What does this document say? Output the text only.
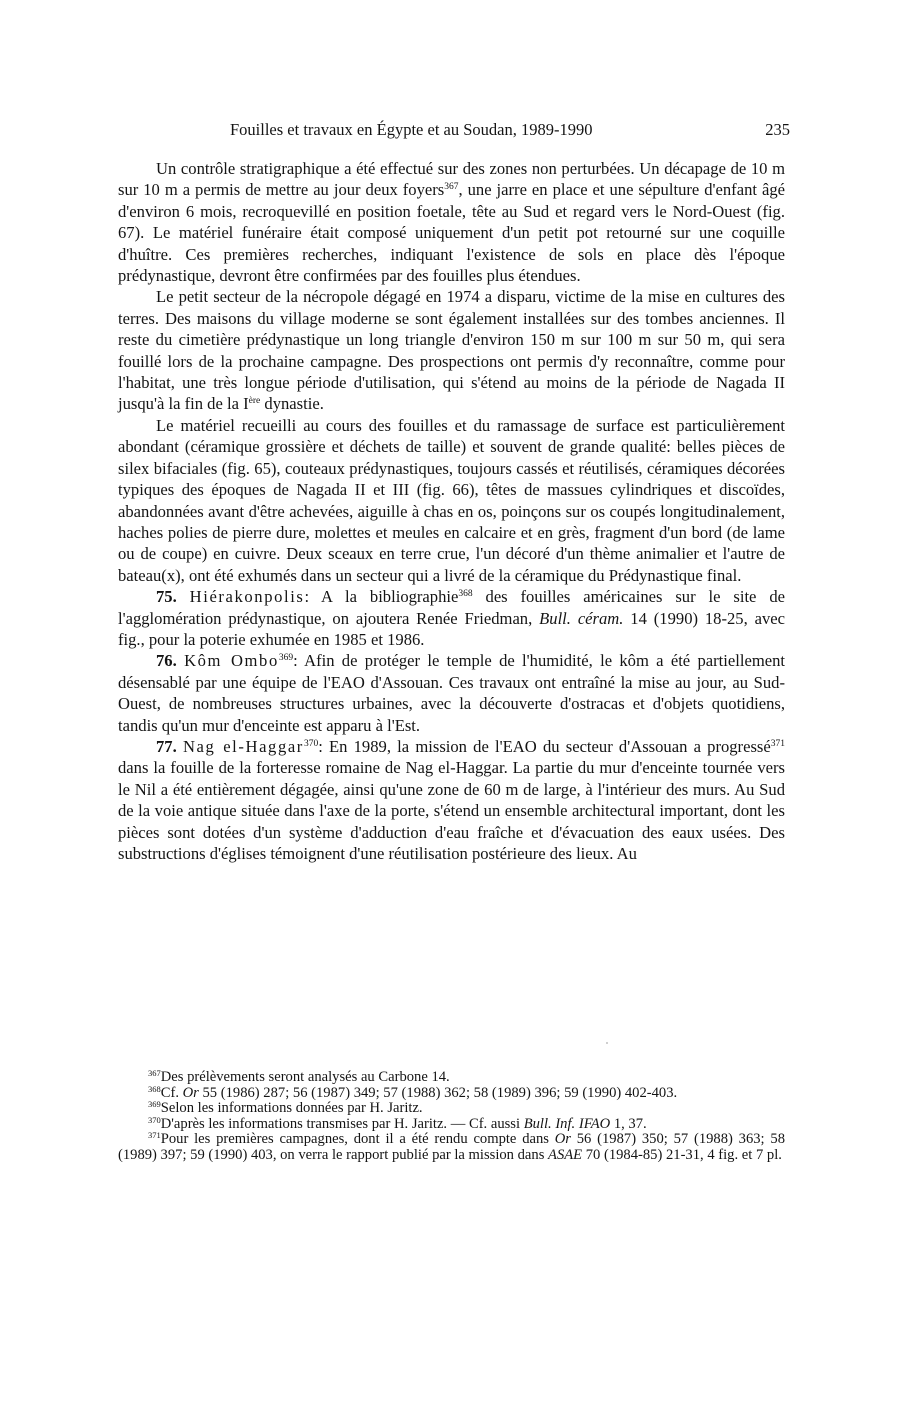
Fouilles et travaux en Égypte et au Soudan, 1989-1990	235

Un contrôle stratigraphique a été effectué sur des zones non perturbées. Un décapage de 10 m sur 10 m a permis de mettre au jour deux foyers$^{367}$, une jarre en place et une sépulture d'enfant âgé d'environ 6 mois, recroquevillé en position foetale, tête au Sud et regard vers le Nord-Ouest (fig. 67). Le matériel funéraire était composé uniquement d'un petit pot retourné sur une coquille d'huître. Ces premières recherches, indiquant l'existence de sols en place dès l'époque prédynastique, devront être confirmées par des fouilles plus étendues.

Le petit secteur de la nécropole dégagé en 1974 a disparu, victime de la mise en cultures des terres. Des maisons du village moderne se sont également installées sur des tombes anciennes. Il reste du cimetière prédynastique un long triangle d'environ 150 m sur 100 m sur 50 m, qui sera fouillé lors de la prochaine campagne. Des prospections ont permis d'y reconnaître, comme pour l'habitat, une très longue période d'utilisation, qui s'étend au moins de la période de Nagada II jusqu'à la fin de la Ière dynastie.

Le matériel recueilli au cours des fouilles et du ramassage de surface est particulièrement abondant (céramique grossière et déchets de taille) et souvent de grande qualité: belles pièces de silex bifaciales (fig. 65), couteaux prédynastiques, toujours cassés et réutilisés, céramiques décorées typiques des époques de Nagada II et III (fig. 66), têtes de massues cylindriques et discoïdes, abandonnées avant d'être achevées, aiguille à chas en os, poinçons sur os coupés longitudinalement, haches polies de pierre dure, molettes et meules en calcaire et en grès, fragment d'un bord (de lame ou de coupe) en cuivre. Deux sceaux en terre crue, l'un décoré d'un thème animalier et l'autre de bateau(x), ont été exhumés dans un secteur qui a livré de la céramique du Prédynastique final.

75. Hiérakonpolis: A la bibliographie$^{368}$ des fouilles américaines sur le site de l'agglomération prédynastique, on ajoutera Renée Friedman, Bull. céram. 14 (1990) 18-25, avec fig., pour la poterie exhumée en 1985 et 1986.

76. Kôm Ombo$^{369}$: Afin de protéger le temple de l'humidité, le kôm a été partiellement désensablé par une équipe de l'EAO d'Assouan. Ces travaux ont entraîné la mise au jour, au Sud-Ouest, de nombreuses structures urbaines, avec la découverte d'ostracas et d'objets quotidiens, tandis qu'un mur d'enceinte est apparu à l'Est.

77. Nag el-Haggar$^{370}$: En 1989, la mission de l'EAO du secteur d'Assouan a progressé$^{371}$ dans la fouille de la forteresse romaine de Nag el-Haggar. La partie du mur d'enceinte tournée vers le Nil a été entièrement dégagée, ainsi qu'une zone de 60 m de large, à l'intérieur des murs. Au Sud de la voie antique située dans l'axe de la porte, s'étend un ensemble architectural important, dont les pièces sont dotées d'un système d'adduction d'eau fraîche et d'évacuation des eaux usées. Des substructions d'églises témoignent d'une réutilisation postérieure des lieux. Au

$^{367}$Des prélèvements seront analysés au Carbone 14.

$^{368}$Cf. Or 55 (1986) 287; 56 (1987) 349; 57 (1988) 362; 58 (1989) 396; 59 (1990) 402-403.

$^{369}$Selon les informations données par H. Jaritz.

$^{370}$D'après les informations transmises par H. Jaritz. — Cf. aussi Bull. Inf. IFAO 1, 37.

$^{371}$Pour les premières campagnes, dont il a été rendu compte dans Or 56 (1987) 350; 57 (1988) 363; 58 (1989) 397; 59 (1990) 403, on verra le rapport publié par la mission dans ASAE 70 (1984-85) 21-31, 4 fig. et 7 pl.
